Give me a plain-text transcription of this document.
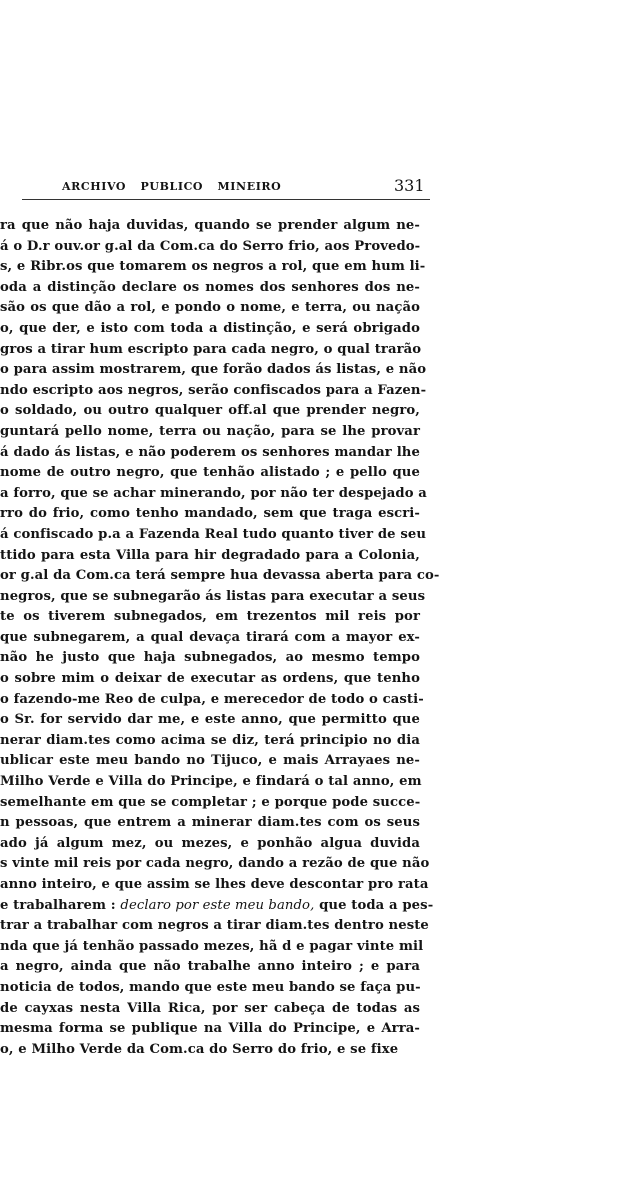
ARCHIVO PUBLICO MINEIRO	331
ra que não haja duvidas, quando se prender algum ne-
á o D.r ouv.or g.al da Com.ca do Serro frio, aos Provedo-
s, e Ribr.os que tomarem os negros a rol, que em hum li-
oda a distinção declare os nomes dos senhores dos ne-
são os que dão a rol, e pondo o nome, e terra, ou nação
o, que der, e isto com toda a distinção, e será obrigado
gros a tirar hum escripto para cada negro, o qual trarão
o para assim mostrarem, que forão dados ás listas, e não
ndo escripto aos negros, serão confiscados para a Fazen-
o soldado, ou outro qualquer off.al que prender negro,
guntará pello nome, terra ou nação, para se lhe provar
á dado ás listas, e não poderem os senhores mandar lhe
nome de outro negro, que tenhão alistado ; e pello que
a forro, que se achar minerando, por não ter despejado a
rro do frio, como tenho mandado, sem que traga escri-
á confiscado p.a a Fazenda Real tudo quanto tiver de seu
ttido para esta Villa para hir degradado para a Colonia,
or g.al da Com.ca terá sempre hua devassa aberta para co-
negros, que se subnegarão ás listas para executar a seus
te os tiverem subnegados, em trezentos mil reis por
que subnegarem, a qual devaça tirará com a mayor ex-
não he justo que haja subnegados, ao mesmo tempo
o sobre mim o deixar de executar as ordens, que tenho
o fazendo-me Reo de culpa, e merecedor de todo o casti-
o Sr. for servido dar me, e este anno, que permitto que
nerar diam.tes como acima se diz, terá principio no dia
ublicar este meu bando no Tijuco, e mais Arrayaes ne-
Milho Verde e Villa do Principe, e findará o tal anno, em
semelhante em que se completar ; e porque pode succe-
n pessoas, que entrem a minerar diam.tes com os seus
ado já algum mez, ou mezes, e ponhão algua duvida
s vinte mil reis por cada negro, dando a rezão de que não
anno inteiro, e que assim se lhes deve descontar pro rata
e trabalharem : declaro por este meu bando, que toda a pes-
trar a trabalhar com negros a tirar diam.tes dentro neste
nda que já tenhão passado mezes, hã d e pagar vinte mil
a negro, ainda que não trabalhe anno inteiro ; e para
noticia de todos, mando que este meu bando se faça pu-
de cayxas nesta Villa Rica, por ser cabeça de todas as
mesma forma se publique na Villa do Principe, e Arra-
o, e Milho Verde da Com.ca do Serro do frio, e se fixe
